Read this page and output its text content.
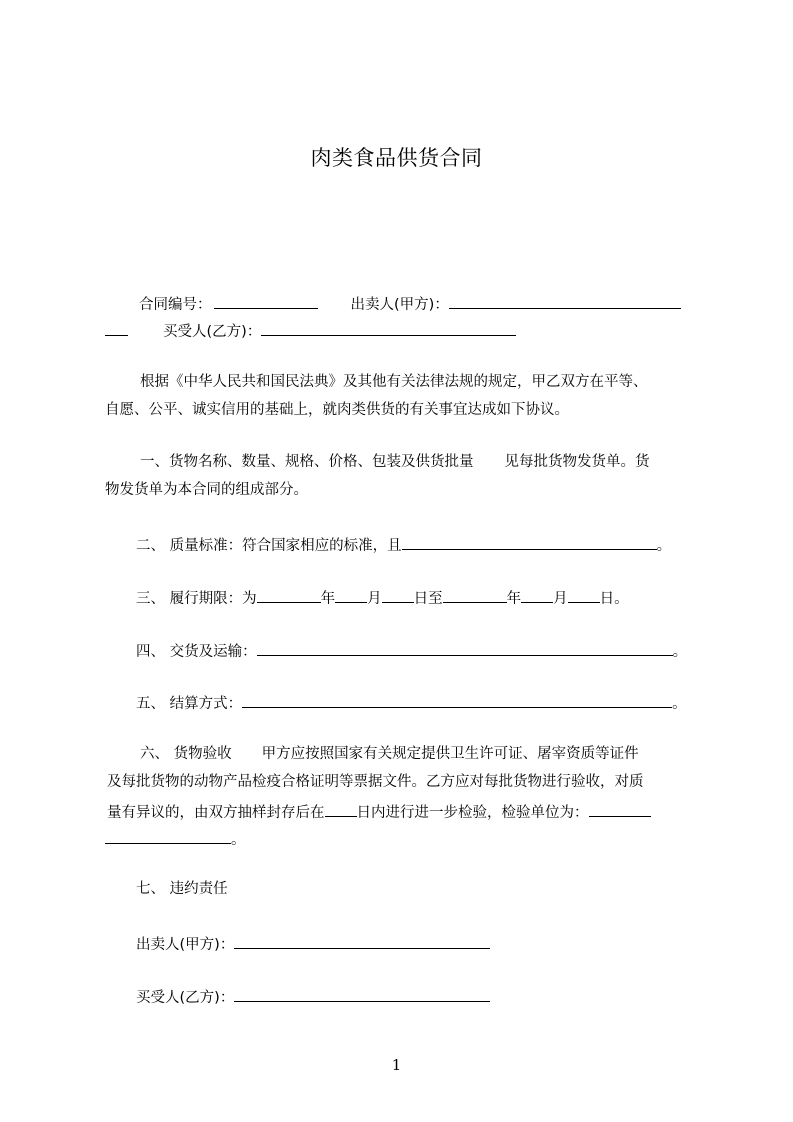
肉类食品供货合同
合同编号：	出卖人(甲方)：
买受人(乙方)：
根据《中华人民共和国民法典》及其他有关法律法规的规定，甲乙双方在平等、
自愿、公平、诚实信用的基础上，就肉类供货的有关事宜达成如下协议。
一、货物名称、数量、规格、价格、包装及供货批量 见每批货物发货单。货
物发货单为本合同的组成部分。
二、 质量标准：符合国家相应的标准，且	。
三、 履行期限：为	年 月 日至	年 月 日。
四、 交货及运输：	。
五、 结算方式：	。
六、 货物验收 甲方应按照国家有关规定提供卫生许可证、屠宰资质等证件
及每批货物的动物产品检疫合格证明等票据文件。乙方应对每批货物进行验收，对质
量有异议的，由双方抽样封存后在 日内进行进一步检验，检验单位为：
。
七、 违约责任
出卖人(甲方)：
买受人(乙方)：
1
